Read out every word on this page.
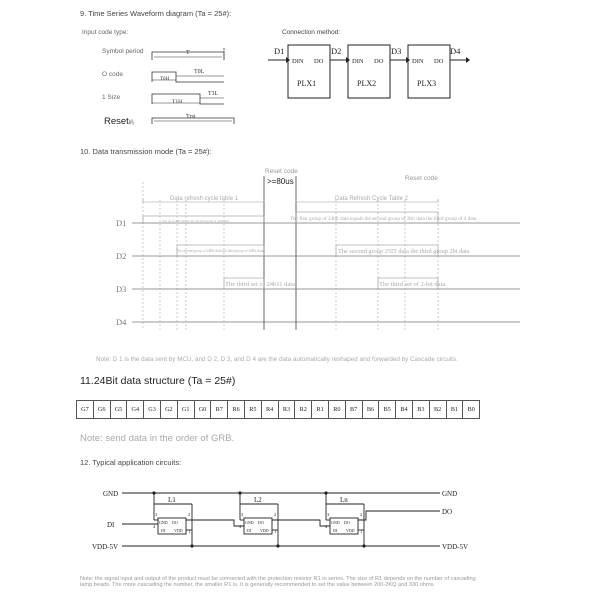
9. Time Series Waveform diagram (Ta = 25#):
Input code type:	Connection method:
Symbol period
O code
1 Size
Reset码
T
T0L
T0H
T1L
T1H
Trst
D1	D2	D3	D4
DIN DO	DIN DO	DIN DO
PLX1	PLX2	PLX3
10. Data transmission mode (Ta = 25#):
Reset code
>=80us	Reset code
Data refresh cycle table 1	Data Refresh Cycle Table 2
D1
D2
D3
D4
One set of 24B data for D1 the third group of 24bit data	The first group of 24bit data equals the second group of 2bit data the third group of 4 data
The second group of 24Bit data the third group of 24Bit data	The second group 25IT data the third group 2bi data
The third set of 24b11 data	The third set of 2-bit data
Note: D 1 is the data sent by MCU, and D 2, D 3, and D 4 are the data automatically reshaped and forwarded by Cascade circuits.
11.24Bit data structure (Ta = 25#)
G7	G6	G5	G4	G3	G2	G1	G0	R7	R6	R5	R4	R3	R2	R1	R0	B7	B6	B5	B4	B3	B2	B1	B0
Note: send data in the order of GRB.
12. Typical application circuits:
GND	GND
DI
DO
VDD-5V	VDD-5V
L1	L2	Ln
GND DO
DI VDD
GND DO
DI VDD
GND DO
DI VDD
3	2
4
1
3	2
4
1
3	2
4
1
Note: the signal input and output of the product must be connected with the protection resistor R1 in series. The size of R1 depends on the number of cascading lamp beads. The more cascading the number, the smaller R1 is. It is generally recommended to set the value between 200-2KQ and 330 ohms.
